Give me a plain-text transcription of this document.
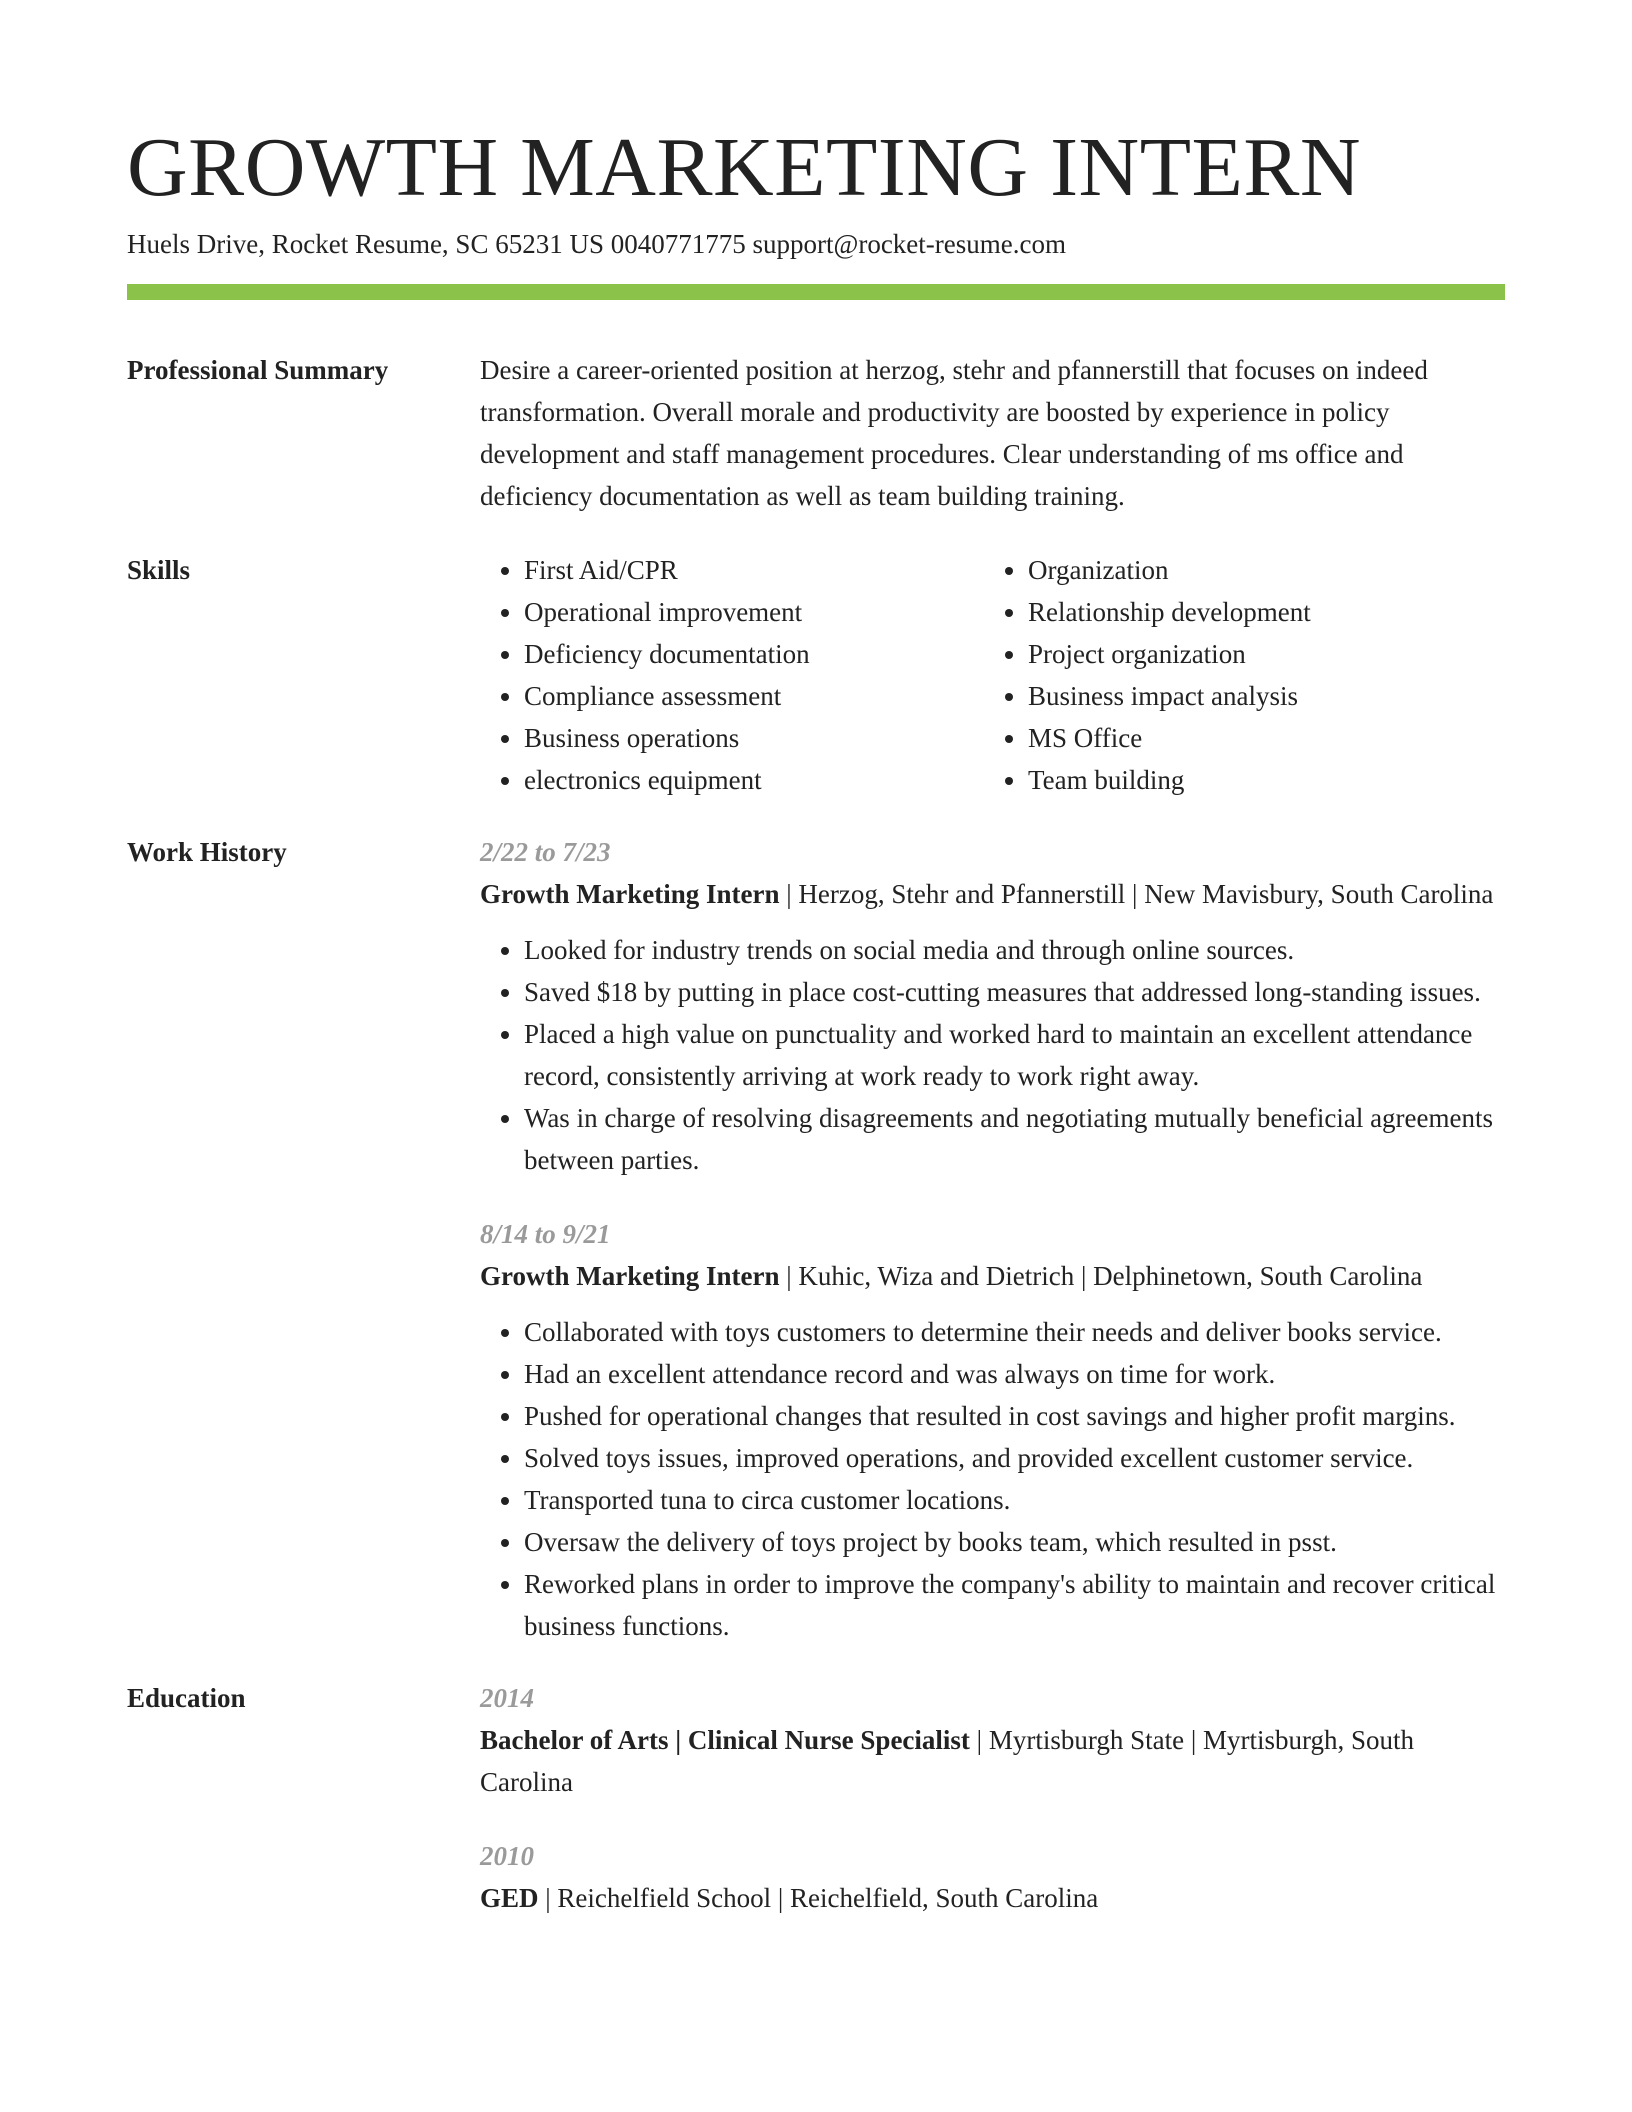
GROWTH MARKETING INTERN
Huels Drive, Rocket Resume, SC 65231 US 0040771775 support@rocket-resume.com
Professional Summary	Desire a career-oriented position at herzog, stehr and pfannerstill that focuses on indeed transformation. Overall morale and productivity are boosted by experience in policy development and staff management procedures. Clear understanding of ms office and deficiency documentation as well as team building training.
Skills
•	First Aid/CPR
• Operational improvement
• Deficiency documentation
• Compliance assessment
• Business operations
• electronics equipment
• Organization
• Relationship development
• Project organization
• Business impact analysis
• MS Office
• Team building
Work History	2/22 to 7/23
Growth Marketing Intern | Herzog, Stehr and Pfannerstill | New Mavisbury, South Carolina
• Looked for industry trends on social media and through online sources.
• Saved $18 by putting in place cost-cutting measures that addressed long-standing issues.
• Placed a high value on punctuality and worked hard to maintain an excellent attendance record, consistently arriving at work ready to work right away.
• Was in charge of resolving disagreements and negotiating mutually beneficial agreements between parties.
8/14 to 9/21
Growth Marketing Intern | Kuhic, Wiza and Dietrich | Delphinetown, South Carolina
• Collaborated with toys customers to determine their needs and deliver books service.
• Had an excellent attendance record and was always on time for work.
• Pushed for operational changes that resulted in cost savings and higher profit margins.
• Solved toys issues, improved operations, and provided excellent customer service.
• Transported tuna to circa customer locations.
• Oversaw the delivery of toys project by books team, which resulted in psst.
• Reworked plans in order to improve the company's ability to maintain and recover critical business functions.
Education	2014
Bachelor of Arts | Clinical Nurse Specialist | Myrtisburgh State | Myrtisburgh, South Carolina
2010
GED | Reichelfield School | Reichelfield, South Carolina
